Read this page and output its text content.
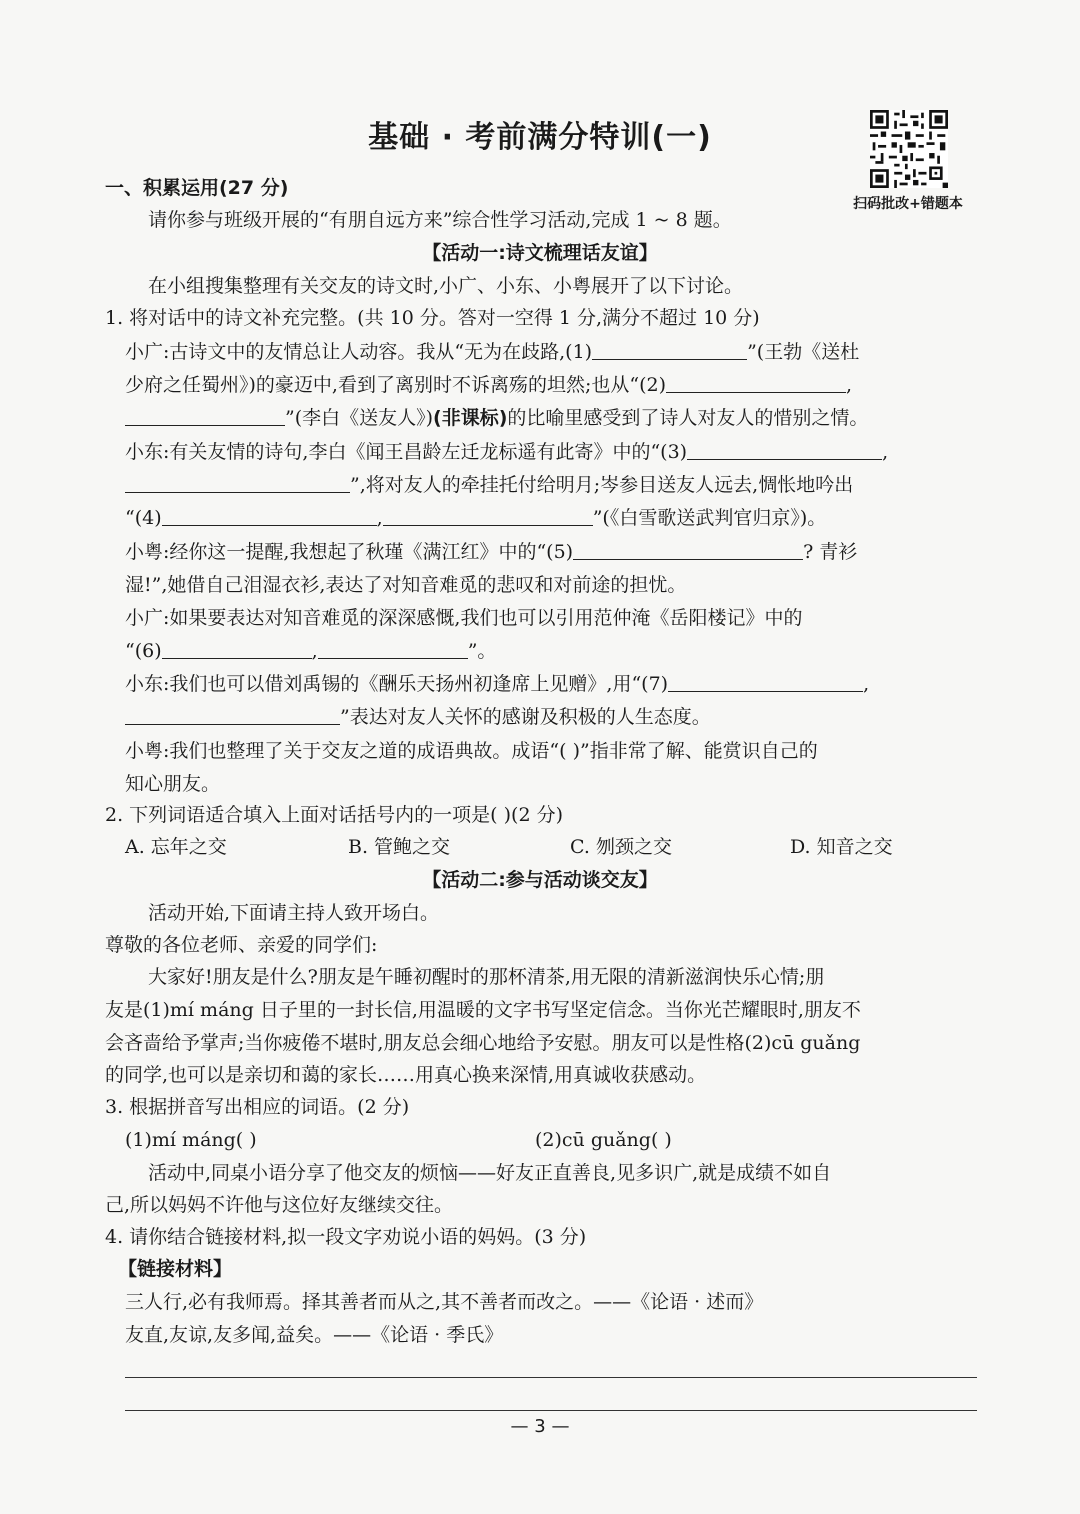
基础 · 考前满分特训(一)
扫码批改+错题本
一、积累运用(27 分)
请你参与班级开展的“有朋自远方来”综合性学习活动,完成 1 ~ 8 题。
【活动一:诗文梳理话友谊】
在小组搜集整理有关交友的诗文时,小广、小东、小粤展开了以下讨论。
1. 将对话中的诗文补充完整。(共 10 分。答对一空得 1 分,满分不超过 10 分)
小广:古诗文中的友情总让人动容。我从“无为在歧路,(1)	”(王勃《送杜
少府之任蜀州》)的豪迈中,看到了离别时不诉离殇的坦然;也从“(2)	,
”(李白《送友人》)(非课标)的比喻里感受到了诗人对友人的惜别之情。
小东:有关友情的诗句,李白《闻王昌龄左迁龙标遥有此寄》中的“(3)	,
”,将对友人的牵挂托付给明月;岑参目送友人远去,惆怅地吟出
“(4)	,	”(《白雪歌送武判官归京》)。
小粤:经你这一提醒,我想起了秋瑾《满江红》中的“(5)	? 青衫
湿!”,她借自己泪湿衣衫,表达了对知音难觅的悲叹和对前途的担忧。
小广:如果要表达对知音难觅的深深感慨,我们也可以引用范仲淹《岳阳楼记》中的
“(6)	,	”。
小东:我们也可以借刘禹锡的《酬乐天扬州初逢席上见赠》,用“(7)	,
”表达对友人关怀的感谢及积极的人生态度。
小粤:我们也整理了关于交友之道的成语典故。成语“( )”指非常了解、能赏识自己的
知心朋友。
2. 下列词语适合填入上面对话括号内的一项是( )(2 分)
A. 忘年之交	B. 管鲍之交	C. 刎颈之交	D. 知音之交
【活动二:参与活动谈交友】
活动开始,下面请主持人致开场白。
尊敬的各位老师、亲爱的同学们:
大家好!朋友是什么?朋友是午睡初醒时的那杯清茶,用无限的清新滋润快乐心情;朋
友是(1)mí máng 日子里的一封长信,用温暖的文字书写坚定信念。当你光芒耀眼时,朋友不
会吝啬给予掌声;当你疲倦不堪时,朋友总会细心地给予安慰。朋友可以是性格(2)cū guǎng
的同学,也可以是亲切和蔼的家长……用真心换来深情,用真诚收获感动。
3. 根据拼音写出相应的词语。(2 分)
(1)mí máng( )	(2)cū guǎng( )
活动中,同桌小语分享了他交友的烦恼——好友正直善良,见多识广,就是成绩不如自
己,所以妈妈不许他与这位好友继续交往。
4. 请你结合链接材料,拟一段文字劝说小语的妈妈。(3 分)
【链接材料】
三人行,必有我师焉。择其善者而从之,其不善者而改之。——《论语 · 述而》
友直,友谅,友多闻,益矣。——《论语 · 季氏》
— 3 —
